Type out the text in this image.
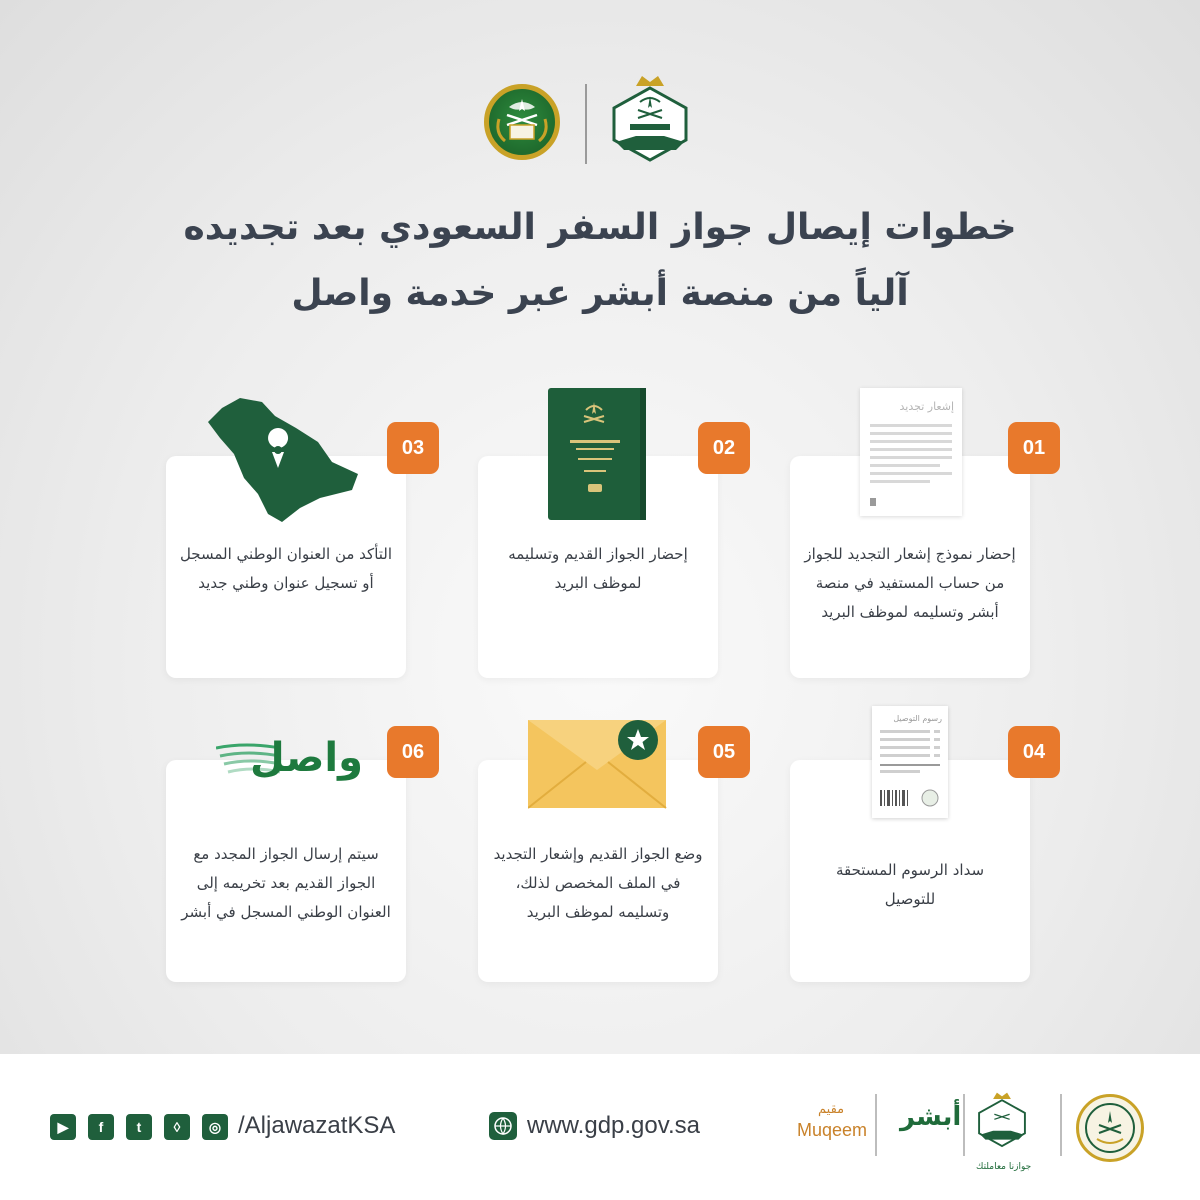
خطوات إيصال جواز السفر السعودي بعد تجديده
آلياً من منصة أبشر عبر خدمة واصل
التأكد من العنوان الوطني المسجل أو تسجيل عنوان وطني جديد
03
إحضار الجواز القديم وتسليمه لموظف البريد
02
إحضار نموذج إشعار التجديد للجواز من حساب المستفيد في منصة أبشر وتسليمه لموظف البريد
01
إشعار تجديد
سيتم إرسال الجواز المجدد مع الجواز القديم بعد تخريمه إلى العنوان الوطني المسجل في أبشر
06
واصل
وضع الجواز القديم وإشعار التجديد في الملف المخصص لذلك، وتسليمه لموظف البريد
05
سداد الرسوم المستحقة للتوصيل
04
رسوم التوصيل
▶	f	t	◊	◎ /AljawazatKSA	www.gdp.gov.sa
مقيم
Muqeem أبشر
جوازنا معاملتك
